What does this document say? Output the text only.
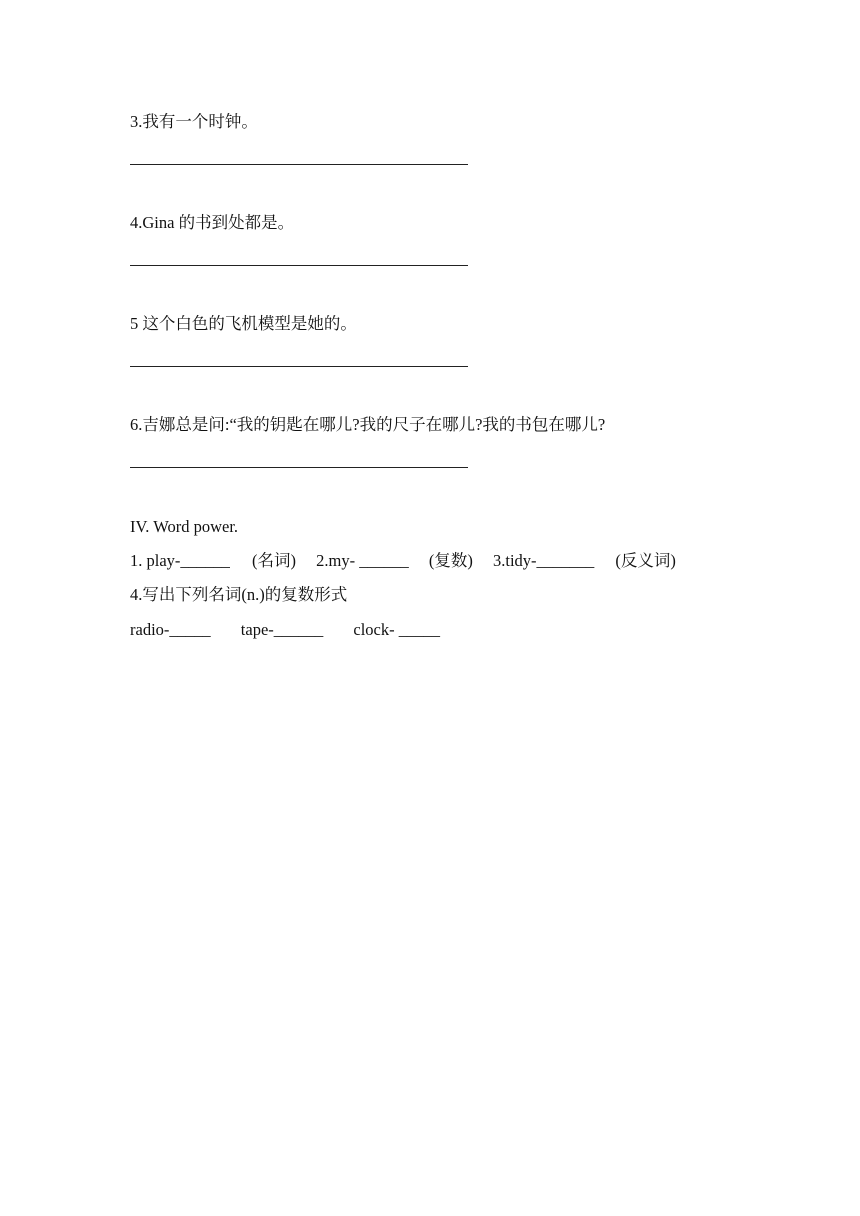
3.我有一个时钟。
4.Gina 的书到处都是。
5 这个白色的飞机模型是她的。
6.吉娜总是问:“我的钥匙在哪儿?我的尺子在哪儿?我的书包在哪儿?
IV. Word power.
1. play-______ (名词) 2.my- ______ (复数) 3.tidy-_______ (反义词)
4.写出下列名词(n.)的复数形式
radio-_____ tape-______ clock- _____
